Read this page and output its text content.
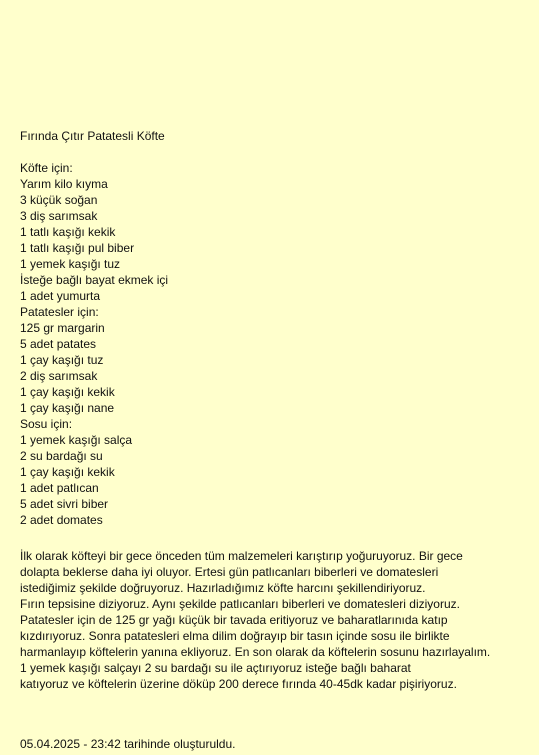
Fırında Çıtır Patatesli Köfte
Köfte için:
Yarım kilo kıyma
3 küçük soğan
3 diş sarımsak
1 tatlı kaşığı kekik
1 tatlı kaşığı pul biber
1 yemek kaşığı tuz
İsteğe bağlı bayat ekmek içi
1 adet yumurta
Patatesler için:
125 gr margarin
5 adet patates
1 çay kaşığı tuz
2 diş sarımsak
1 çay kaşığı kekik
1 çay kaşığı nane
Sosu için:
1 yemek kaşığı salça
2 su bardağı su
1 çay kaşığı kekik
1 adet patlıcan
5 adet sivri biber
2 adet domates
İlk olarak köfteyi bir gece önceden tüm malzemeleri karıştırıp yoğuruyoruz. Bir gece
dolapta beklerse daha iyi oluyor. Ertesi gün patlıcanları biberleri ve domatesleri
istediğimiz şekilde doğruyoruz. Hazırladığımız köfte harcını şekillendiriyoruz.
Fırın tepsisine diziyoruz. Aynı şekilde patlıcanları biberleri ve domatesleri diziyoruz.
Patatesler için de 125 gr yağı küçük bir tavada eritiyoruz ve baharatlarınıda katıp
kızdırıyoruz. Sonra patatesleri elma dilim doğrayıp bir tasın içinde sosu ile birlikte
harmanlayıp köftelerin yanına ekliyoruz. En son olarak da köftelerin sosunu hazırlayalım.
1 yemek kaşığı salçayı 2 su bardağı su ile açtırıyoruz isteğe bağlı baharat
katıyoruz ve köftelerin üzerine döküp 200 derece fırında 40-45dk kadar pişiriyoruz.
05.04.2025 - 23:42 tarihinde oluşturuldu.
